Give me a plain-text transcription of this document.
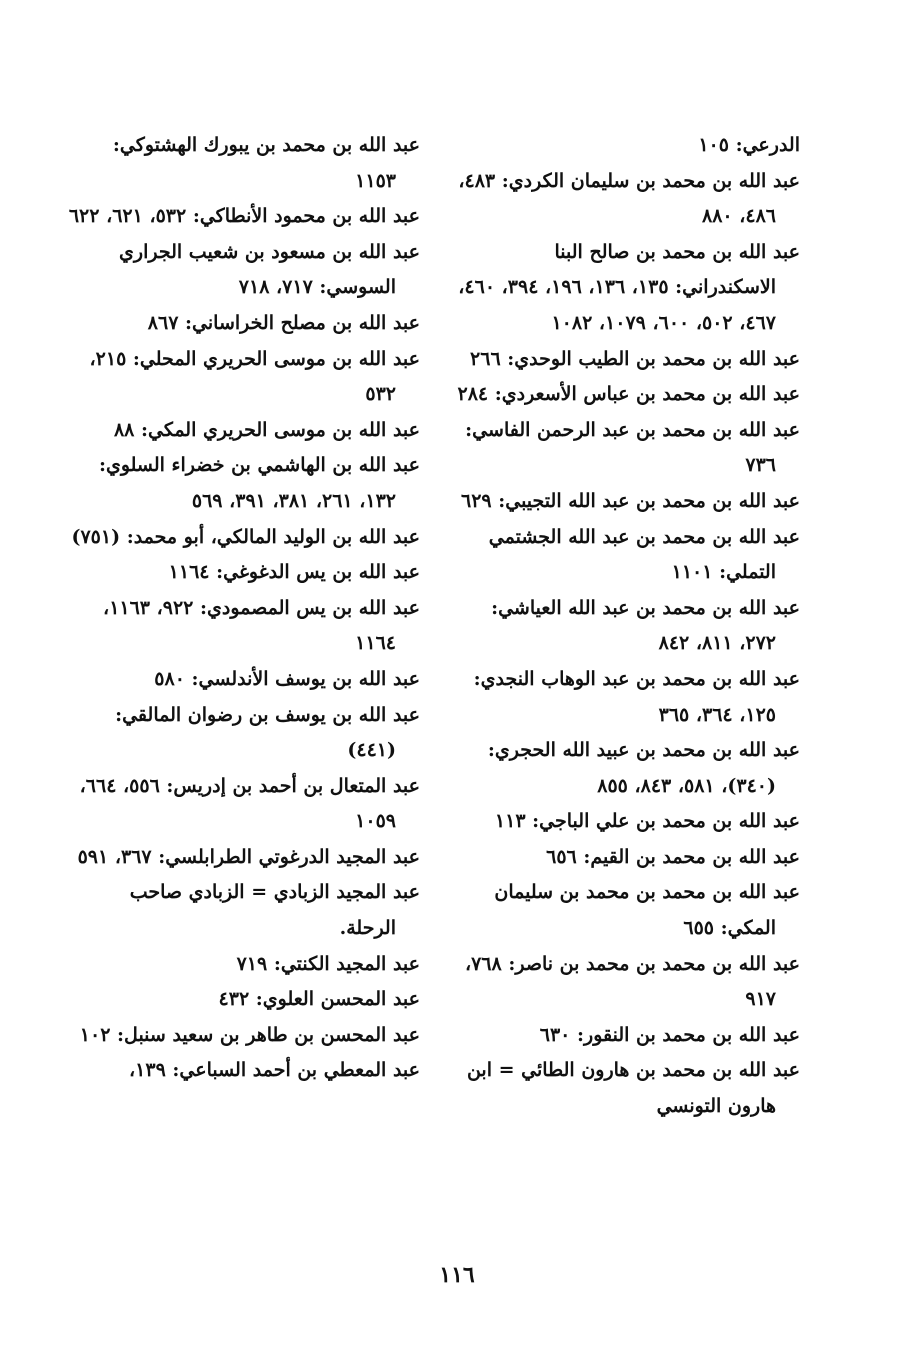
الدرعي: ١٠٥

عبد الله بن محمد بن سليمان الكردي: ٤٨٣، ٤٨٦، ٨٨٠

عبد الله بن محمد بن صالح البنا الاسكندراني: ١٣٥، ١٣٦، ١٩٦، ٣٩٤، ٤٦٠، ٤٦٧، ٥٠٢، ٦٠٠، ١٠٧٩، ١٠٨٢

عبد الله بن محمد بن الطيب الوحدي: ٢٦٦

عبد الله بن محمد بن عباس الأسعردي: ٢٨٤

عبد الله بن محمد بن عبد الرحمن الفاسي: ٧٣٦

عبد الله بن محمد بن عبد الله التجيبي: ٦٢٩

عبد الله بن محمد بن عبد الله الجشتمي التملي: ١١٠١

عبد الله بن محمد بن عبد الله العياشي: ٢٧٢، ٨١١، ٨٤٢

عبد الله بن محمد بن عبد الوهاب النجدي: ١٢٥، ٣٦٤، ٣٦٥

عبد الله بن محمد بن عبيد الله الحجري: (٣٤٠)، ٥٨١، ٨٤٣، ٨٥٥

عبد الله بن محمد بن علي الباجي: ١١٣

عبد الله بن محمد بن القيم: ٦٥٦

عبد الله بن محمد بن محمد بن سليمان المكي: ٦٥٥

عبد الله بن محمد بن محمد بن ناصر: ٧٦٨، ٩١٧

عبد الله بن محمد بن النقور: ٦٣٠

عبد الله بن محمد بن هارون الطائي = ابن هارون التونسي

عبد الله بن محمد بن يبورك الهشتوكي: ١١٥٣

عبد الله بن محمود الأنطاكي: ٥٣٢، ٦٢١، ٦٢٢

عبد الله بن مسعود بن شعيب الجراري السوسي: ٧١٧، ٧١٨

عبد الله بن مصلح الخراساني: ٨٦٧

عبد الله بن موسى الحريري المحلي: ٢١٥، ٥٣٢

عبد الله بن موسى الحريري المكي: ٨٨

عبد الله بن الهاشمي بن خضراء السلوي: ١٣٢، ٢٦١، ٣٨١، ٣٩١، ٥٦٩

عبد الله بن الوليد المالكي، أبو محمد: (٧٥١)

عبد الله بن يس الدغوغي: ١١٦٤

عبد الله بن يس المصمودي: ٩٢٢، ١١٦٣، ١١٦٤

عبد الله بن يوسف الأندلسي: ٥٨٠

عبد الله بن يوسف بن رضوان المالقي: (٤٤١)

عبد المتعال بن أحمد بن إدريس: ٥٥٦، ٦٦٤، ١٠٥٩

عبد المجيد الدرغوتي الطرابلسي: ٣٦٧، ٥٩١

عبد المجيد الزبادي = الزبادي صاحب الرحلة.

عبد المجيد الكنتي: ٧١٩

عبد المحسن العلوي: ٤٣٢

عبد المحسن بن طاهر بن سعيد سنبل: ١٠٢

عبد المعطي بن أحمد السباعي: ١٣٩،

١١٦
